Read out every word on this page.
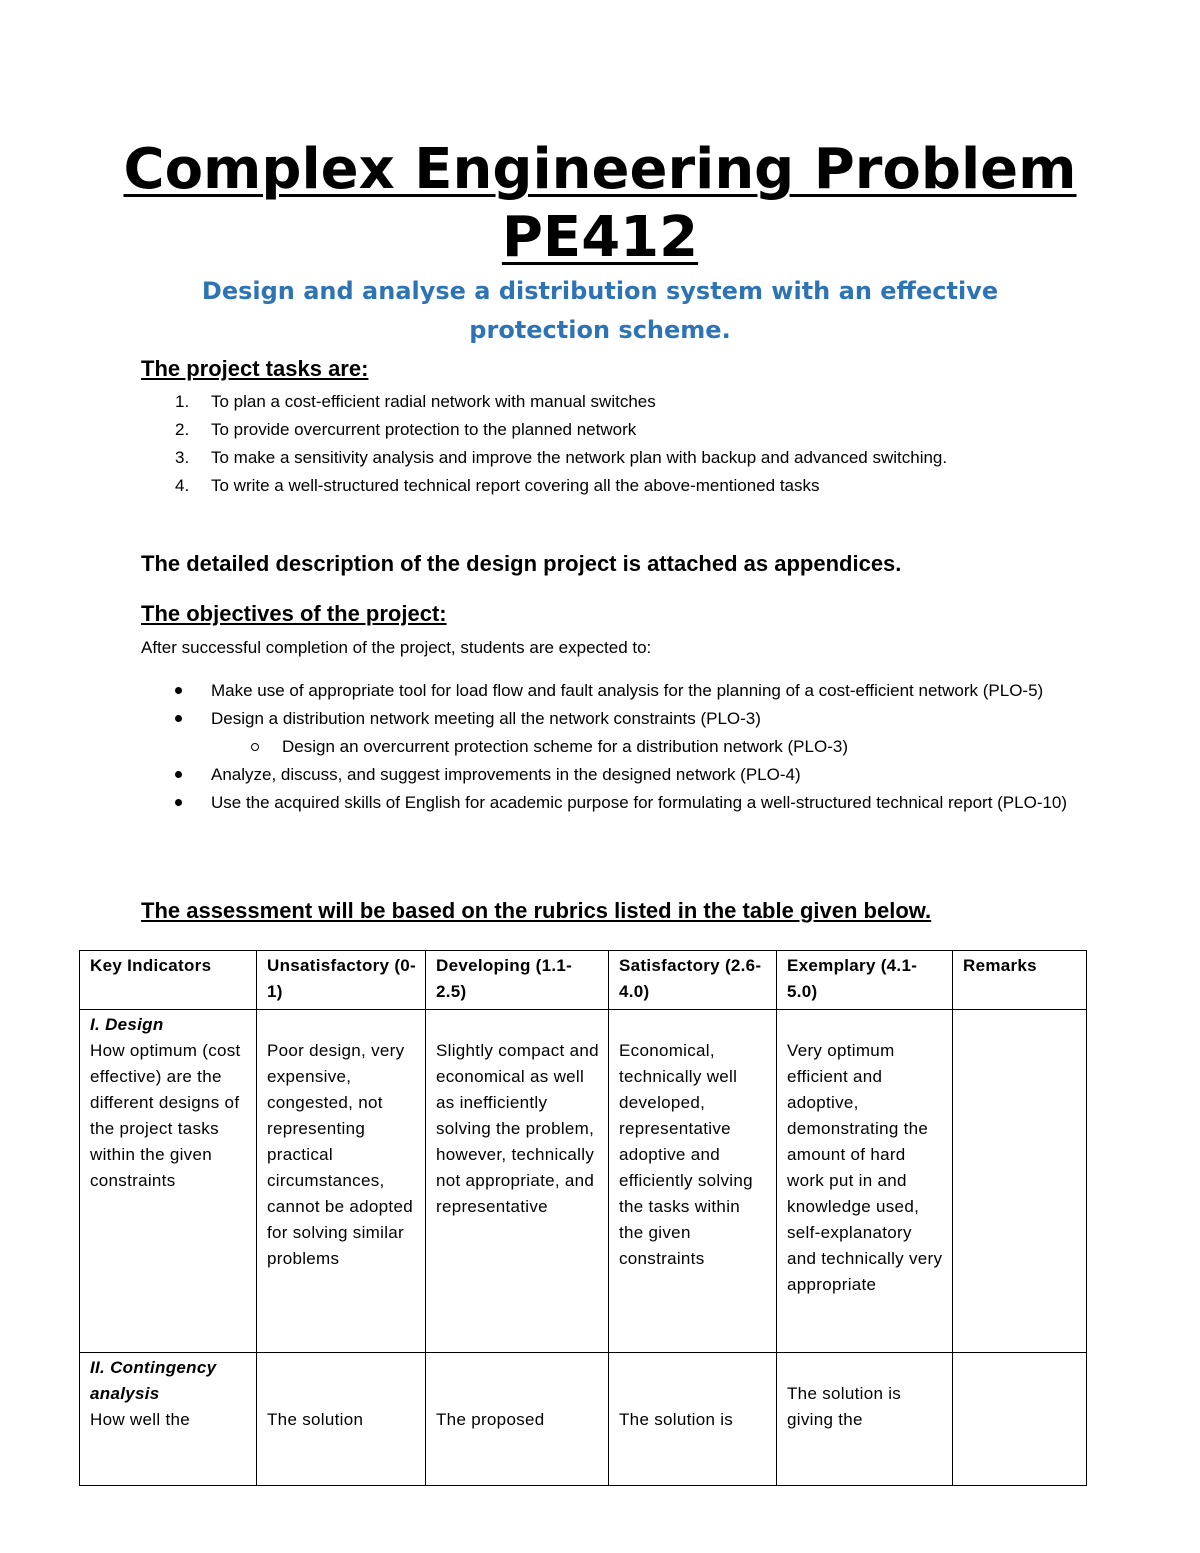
Complex Engineering Problem
PE412

Design and analyse a distribution system with an effective protection scheme.

The project tasks are:
1. To plan a cost-efficient radial network with manual switches
2. To provide overcurrent protection to the planned network
3. To make a sensitivity analysis and improve the network plan with backup and advanced switching.
4. To write a well-structured technical report covering all the above-mentioned tasks
The detailed description of the design project is attached as appendices.
The objectives of the project:

After successful completion of the project, students are expected to:

Make use of appropriate tool for load flow and fault analysis for the planning of a cost-efficient network (PLO-5)
Design a distribution network meeting all the network constraints (PLO-3)
Design an overcurrent protection scheme for a distribution network (PLO-3)
Analyze, discuss, and suggest improvements in the designed network (PLO-4)
Use the acquired skills of English for academic purpose for formulating a well-structured technical report (PLO-10)
The assessment will be based on the rubrics listed in the table given below.
Key Indicators	Unsatisfactory (0-1)	Developing (1.1-2.5)	Satisfactory (2.6-4.0)	Exemplary (4.1-5.0)	Remarks

I. Design
How optimum (cost effective) are the different designs of the project tasks within the given constraints	Poor design, very expensive, congested, not representing practical circumstances, cannot be adopted for solving similar problems	Slightly compact and economical as well as inefficiently solving the problem, however, technically not appropriate, and representative	Economical, technically well developed, representative adoptive and efficiently solving the tasks within the given constraints	Very optimum efficient and adoptive, demonstrating the amount of hard work put in and knowledge used, self-explanatory and technically very appropriate	

II. Contingency analysis
How well the	The solution	The proposed	The solution is	The solution is giving the	
